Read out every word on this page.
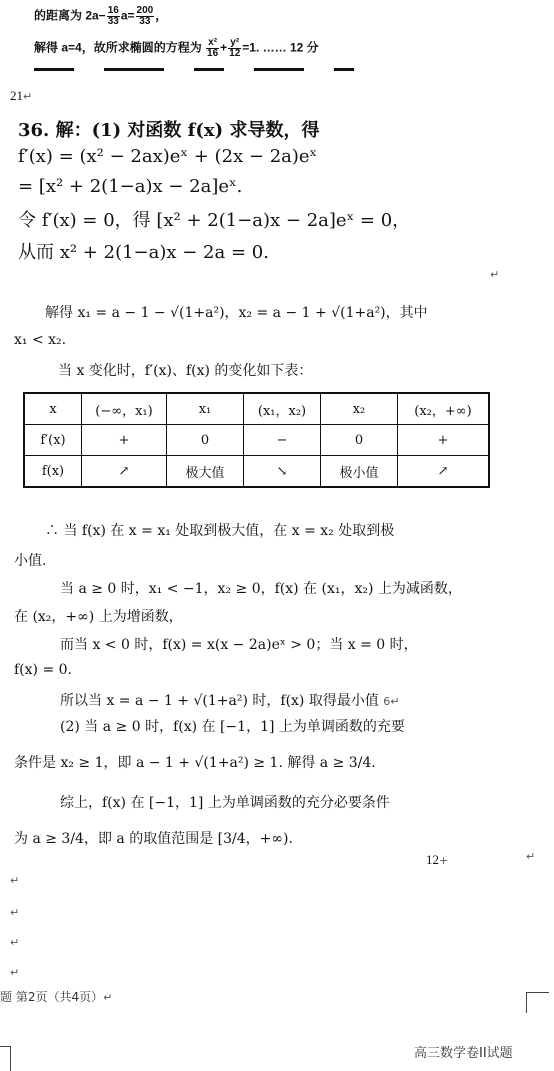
的距离为 $2a- \frac{16}{33} a= \frac{200}{33}$ ，
解得 a=4，故所求椭圆的方程为 $\frac{\text{x²}}{16} + \frac{\text{y²}}{12} =1$. …… 12 分
21↵
36. 解：(1) 对函数 f(x) 求导数，得
f′(x) = (x² − 2ax)eˣ + (2x − 2a)eˣ
= [x² + 2(1−a)x − 2a]eˣ.
令 f′(x) = 0，得 [x² + 2(1−a)x − 2a]eˣ = 0，
从而 x² + 2(1−a)x − 2a = 0.
↵
解得 x₁ = a − 1 − √(1+a²)，x₂ = a − 1 + √(1+a²)，其中
x₁ < x₂.
当 x 变化时，f′(x)、f(x) 的变化如下表：
x	(−∞，x₁)	x₁	(x₁，x₂)	x₂	(x₂，+∞)
f′(x)	+	0	−	0	+
f(x)	↗	极大值	↘	极小值	↗
∴ 当 f(x) 在 x = x₁ 处取到极大值，在 x = x₂ 处取到极
小值.
当 a ≥ 0 时，x₁ < −1，x₂ ≥ 0，f(x) 在 (x₁，x₂) 上为减函数，
在 (x₂，+∞) 上为增函数，
而当 x < 0 时，f(x) = x(x − 2a)eˣ > 0；当 x = 0 时，
f(x) = 0.
所以当 x = a − 1 + √(1+a²) 时，f(x) 取得最小值 6↵
(2) 当 a ≥ 0 时，f(x) 在 [−1，1] 上为单调函数的充要
条件是 x₂ ≥ 1，即 a − 1 + √(1+a²) ≥ 1. 解得 a ≥ 3/4.
综上，f(x) 在 [−1，1] 上为单调函数的充分必要条件
为 a ≥ 3/4，即 a 的取值范围是 [3/4，+∞).
12+	↵
↵
↵
↵
↵
题 第2页（共4页）↵
高三数学卷II试题
